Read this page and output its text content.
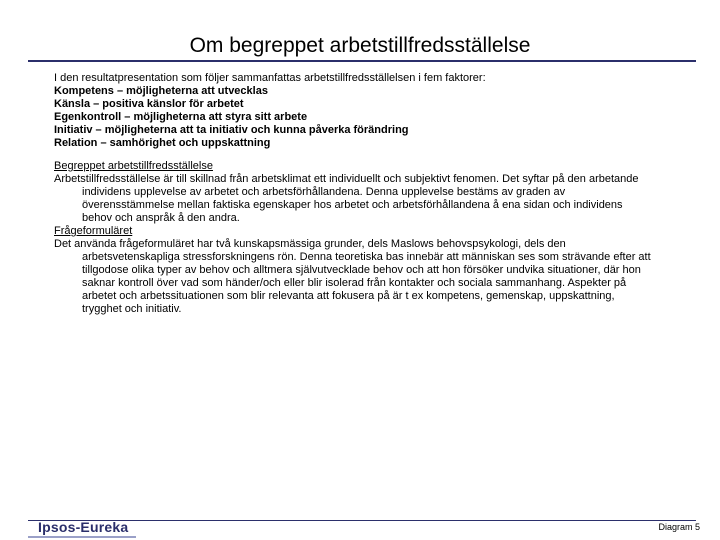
Om begreppet arbetstillfredsställelse

I den resultatpresentation som följer sammanfattas arbetstillfredsställelsen i fem faktorer:

Kompetens – möjligheterna att utvecklas
Känsla – positiva känslor för arbetet
Egenkontroll – möjligheterna att styra sitt arbete
Initiativ – möjligheterna att ta initiativ och kunna påverka förändring
Relation – samhörighet och uppskattning
Begreppet arbetstillfredsställelse

Arbetstillfredsställelse är till skillnad från arbetsklimat ett individuellt och subjektivt fenomen. Det syftar på den arbetande individens upplevelse av arbetet och arbetsförhållandena. Denna upplevelse bestäms av graden av överensstämmelse mellan faktiska egenskaper hos arbetet och arbetsförhållandena å ena sidan och individens behov och anspråk å den andra.

Frågeformuläret

Det använda frågeformuläret har två kunskapsmässiga grunder, dels Maslows behovspsykologi, dels den arbetsvetenskapliga stressforskningens rön. Denna teoretiska bas innebär att människan ses som strävande efter att tillgodose olika typer av behov och alltmera självutvecklade behov och att hon försöker undvika situationer, där hon saknar kontroll över vad som händer/och eller blir isolerad från kontakter och sociala sammanhang. Aspekter på arbetet och arbetssituationen som blir relevanta att fokusera på är t ex kompetens, gemenskap, uppskattning, trygghet och initiativ.

Ipsos-Eureka	Diagram 5
